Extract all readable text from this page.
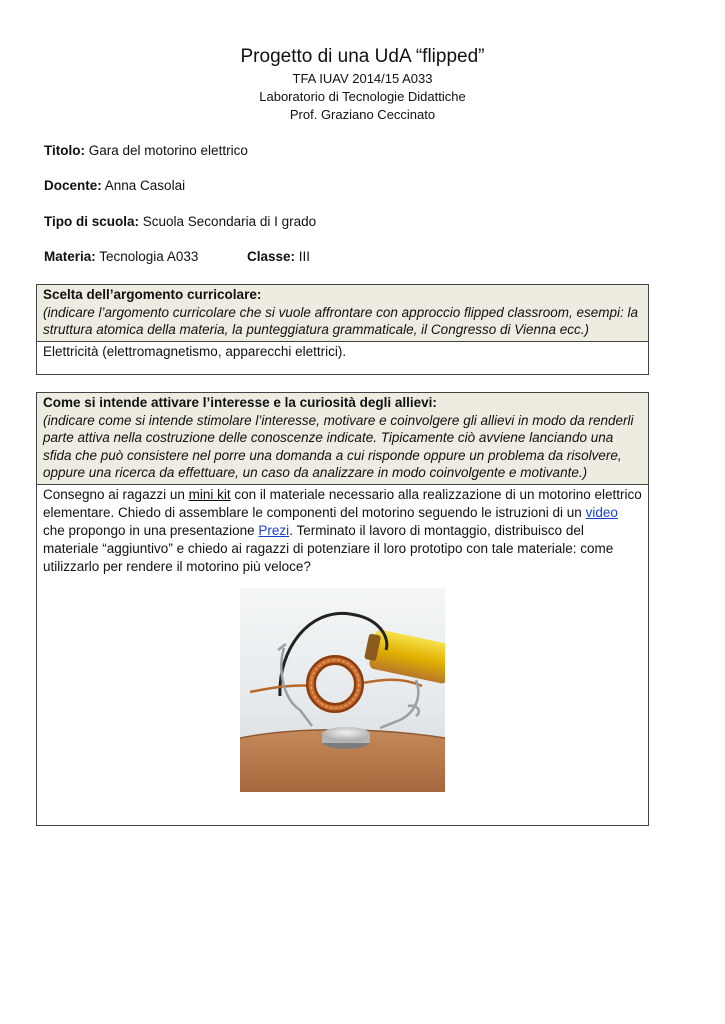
Progetto di una UdA “flipped”
TFA IUAV 2014/15 A033
Laboratorio di Tecnologie Didattiche
Prof. Graziano Ceccinato
Titolo: Gara del motorino elettrico
Docente: Anna Casolai
Tipo di scuola: Scuola Secondaria di I grado
Materia: Tecnologia A033	Classe: III
Scelta dell’argomento curricolare:
(indicare l’argomento curricolare che si vuole affrontare con approccio flipped classroom, esempi: la struttura atomica della materia, la punteggiatura grammaticale, il Congresso di Vienna ecc.)
Elettricità (elettromagnetismo, apparecchi elettrici).
Come si intende attivare l’interesse e la curiosità degli allievi:
(indicare come si intende stimolare l’interesse, motivare e coinvolgere gli allievi in modo da renderli parte attiva nella costruzione delle conoscenze indicate. Tipicamente ciò avviene lanciando una sfida che può consistere nel porre una domanda a cui risponde oppure un problema da risolvere, oppure una ricerca da effettuare, un caso da analizzare in modo coinvolgente e motivante.)
Consegno ai ragazzi un mini kit con il materiale necessario alla realizzazione di un motorino elettrico elementare. Chiedo di assemblare le componenti del motorino seguendo le istruzioni di un video che propongo in una presentazione Prezi. Terminato il lavoro di montaggio, distribuisco del materiale “aggiuntivo” e chiedo ai ragazzi di potenziare il loro prototipo con tale materiale: come utilizzarlo per rendere il motorino più veloce?
